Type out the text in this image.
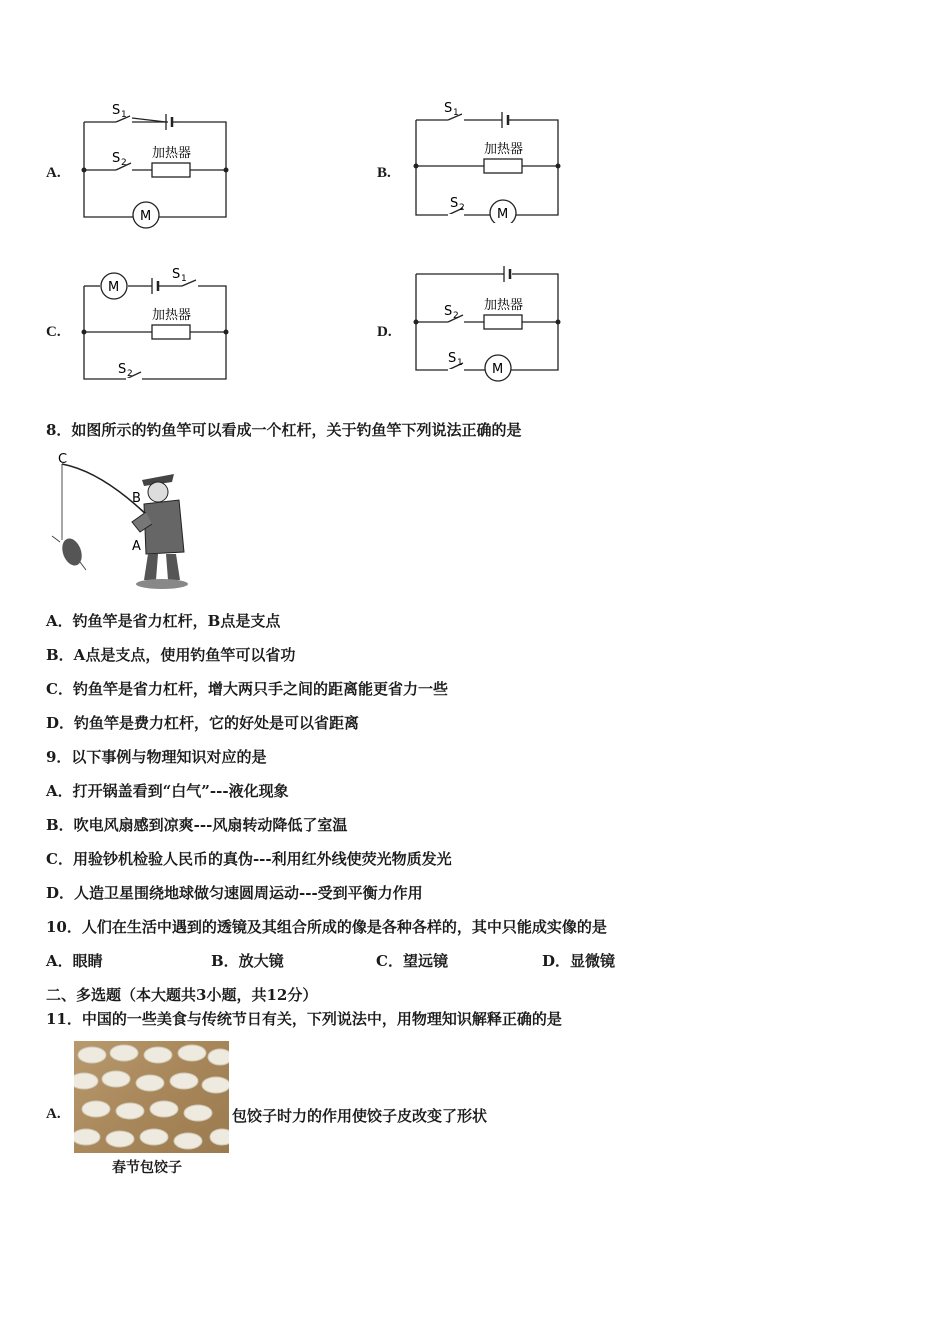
A.
S 1
S 2
加热器
M
B.
S 1
加热器
S 2 M
C.
M
S 1
加热器
S 2
D.
S 2
加热器
S 1 M
8．如图所示的钓鱼竿可以看成一个杠杆，关于钓鱼竿下列说法正确的是
C
B
A
A．钓鱼竿是省力杠杆，B点是支点
B．A点是支点，使用钓鱼竿可以省功
C．钓鱼竿是省力杠杆，增大两只手之间的距离能更省力一些
D．钓鱼竿是费力杠杆，它的好处是可以省距离
9．以下事例与物理知识对应的是
A．打开锅盖看到“白气”---液化现象
B．吹电风扇感到凉爽---风扇转动降低了室温
C．用验钞机检验人民币的真伪---利用红外线使荧光物质发光
D．人造卫星围绕地球做匀速圆周运动---受到平衡力作用
10．人们在生活中遇到的透镜及其组合所成的像是各种各样的，其中只能成实像的是
A．眼睛	B．放大镜	C．望远镜	D．显微镜
二、多选题（本大题共3小题，共12分）
11．中国的一些美食与传统节日有关，下列说法中，用物理知识解释正确的是
A.
春节包饺子
包饺子时力的作用使饺子皮改变了形状
